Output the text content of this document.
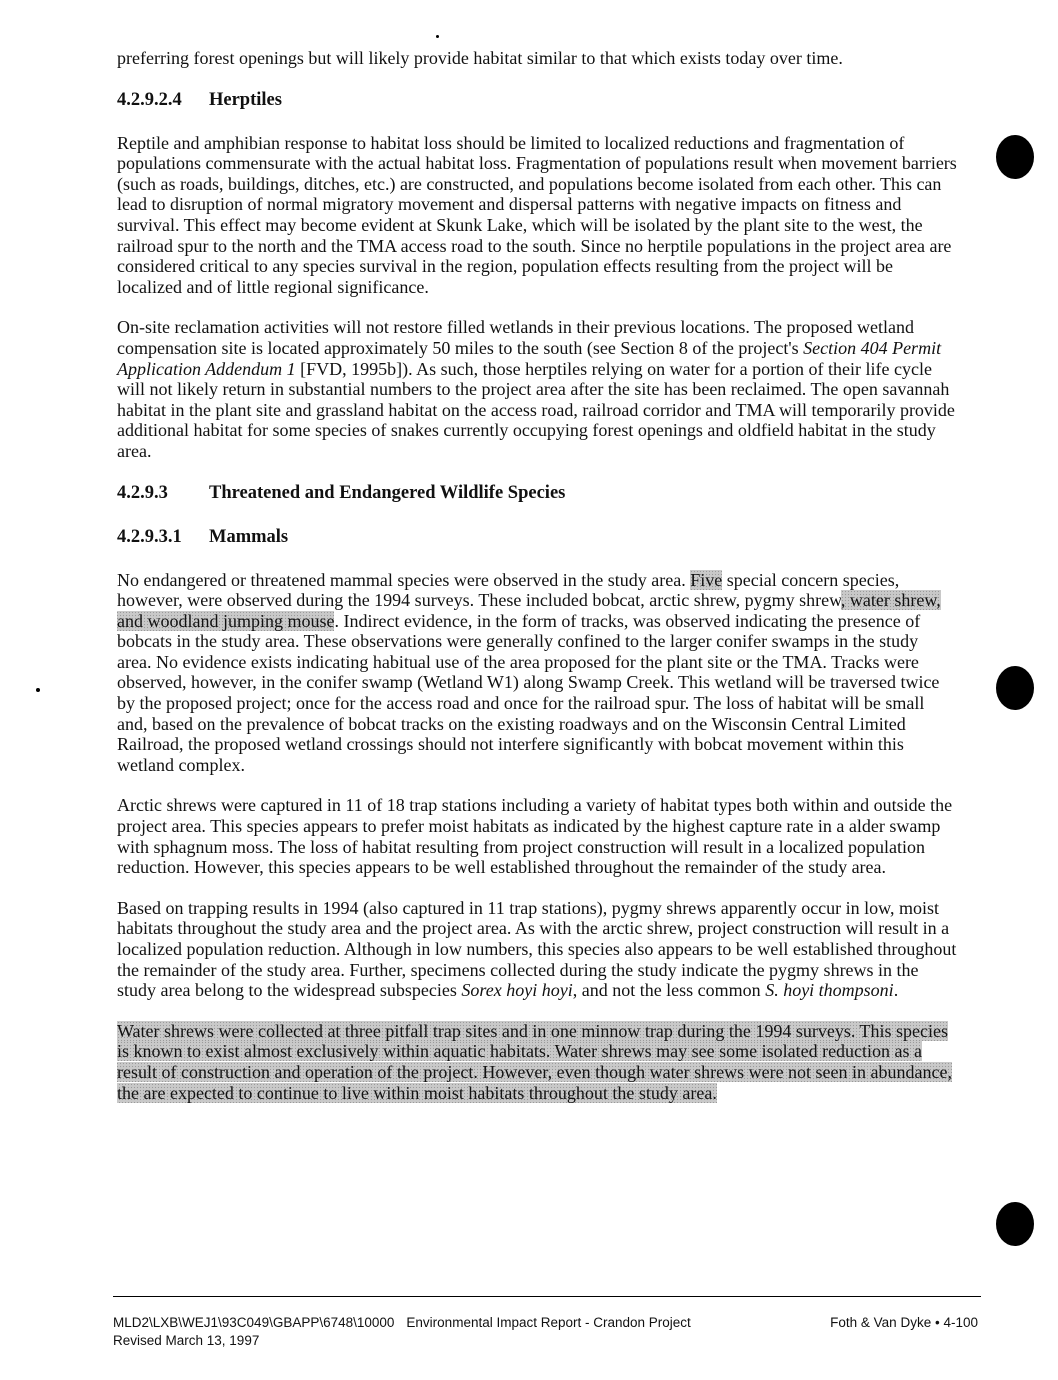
preferring forest openings but will likely provide habitat similar to that which exists today over time.

4.2.9.2.4 Herptiles

Reptile and amphibian response to habitat loss should be limited to localized reductions and fragmentation of populations commensurate with the actual habitat loss. Fragmentation of populations result when movement barriers (such as roads, buildings, ditches, etc.) are constructed, and populations become isolated from each other. This can lead to disruption of normal migratory movement and dispersal patterns with negative impacts on fitness and survival. This effect may become evident at Skunk Lake, which will be isolated by the plant site to the west, the railroad spur to the north and the TMA access road to the south. Since no herptile populations in the project area are considered critical to any species survival in the region, population effects resulting from the project will be localized and of little regional significance.

On-site reclamation activities will not restore filled wetlands in their previous locations. The proposed wetland compensation site is located approximately 50 miles to the south (see Section 8 of the project's Section 404 Permit Application Addendum 1 [FVD, 1995b]). As such, those herptiles relying on water for a portion of their life cycle will not likely return in substantial numbers to the project area after the site has been reclaimed. The open savannah habitat in the plant site and grassland habitat on the access road, railroad corridor and TMA will temporarily provide additional habitat for some species of snakes currently occupying forest openings and oldfield habitat in the study area.

4.2.9.3 Threatened and Endangered Wildlife Species
4.2.9.3.1 Mammals

No endangered or threatened mammal species were observed in the study area. Five special concern species, however, were observed during the 1994 surveys. These included bobcat, arctic shrew, pygmy shrew, water shrew, and woodland jumping mouse. Indirect evidence, in the form of tracks, was observed indicating the presence of bobcats in the study area. These observations were generally confined to the larger conifer swamps in the study area. No evidence exists indicating habitual use of the area proposed for the plant site or the TMA. Tracks were observed, however, in the conifer swamp (Wetland W1) along Swamp Creek. This wetland will be traversed twice by the proposed project; once for the access road and once for the railroad spur. The loss of habitat will be small and, based on the prevalence of bobcat tracks on the existing roadways and on the Wisconsin Central Limited Railroad, the proposed wetland crossings should not interfere significantly with bobcat movement within this wetland complex.

Arctic shrews were captured in 11 of 18 trap stations including a variety of habitat types both within and outside the project area. This species appears to prefer moist habitats as indicated by the highest capture rate in a alder swamp with sphagnum moss. The loss of habitat resulting from project construction will result in a localized population reduction. However, this species appears to be well established throughout the remainder of the study area.

Based on trapping results in 1994 (also captured in 11 trap stations), pygmy shrews apparently occur in low, moist habitats throughout the study area and the project area. As with the arctic shrew, project construction will result in a localized population reduction. Although in low numbers, this species also appears to be well established throughout the remainder of the study area. Further, specimens collected during the study indicate the pygmy shrews in the study area belong to the widespread subspecies Sorex hoyi hoyi, and not the less common S. hoyi thompsoni.

Water shrews were collected at three pitfall trap sites and in one minnow trap during the 1994 surveys. This species is known to exist almost exclusively within aquatic habitats. Water shrews may see some isolated reduction as a result of construction and operation of the project. However, even though water shrews were not seen in abundance, the are expected to continue to live within moist habitats throughout the study area.

MLD2\LXB\WEJ1\93C049\GBAPP\6748\10000 Environmental Impact Report - Crandon Project
Revised March 13, 1997
Foth & Van Dyke • 4-100
